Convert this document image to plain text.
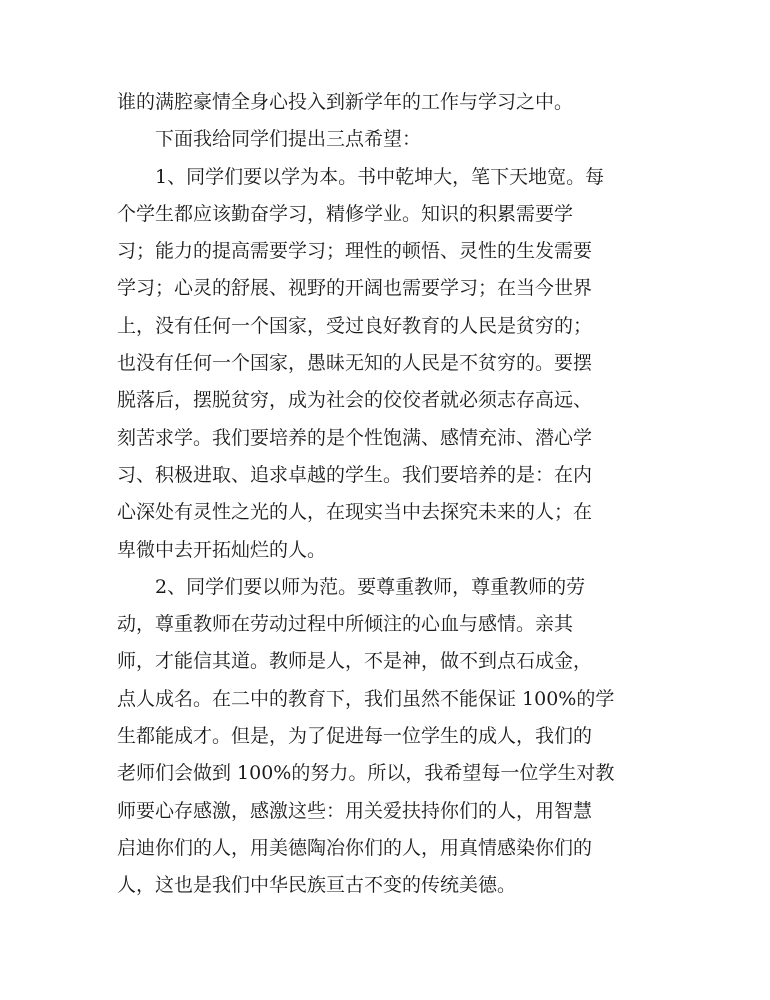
谁的满腔豪情全身心投入到新学年的工作与学习之中。
下面我给同学们提出三点希望：
1、同学们要以学为本。书中乾坤大，笔下天地宽。每
个学生都应该勤奋学习，精修学业。知识的积累需要学
习；能力的提高需要学习；理性的顿悟、灵性的生发需要
学习；心灵的舒展、视野的开阔也需要学习；在当今世界
上，没有任何一个国家，受过良好教育的人民是贫穷的；
也没有任何一个国家，愚昧无知的人民是不贫穷的。要摆
脱落后，摆脱贫穷，成为社会的佼佼者就必须志存高远、
刻苦求学。我们要培养的是个性饱满、感情充沛、潜心学
习、积极进取、追求卓越的学生。我们要培养的是：在内
心深处有灵性之光的人，在现实当中去探究未来的人；在
卑微中去开拓灿烂的人。
2、同学们要以师为范。要尊重教师，尊重教师的劳
动，尊重教师在劳动过程中所倾注的心血与感情。亲其
师，才能信其道。教师是人，不是神，做不到点石成金，
点人成名。在二中的教育下，我们虽然不能保证 100%的学
生都能成才。但是，为了促进每一位学生的成人，我们的
老师们会做到 100%的努力。所以，我希望每一位学生对教
师要心存感激，感激这些：用关爱扶持你们的人，用智慧
启迪你们的人，用美德陶冶你们的人，用真情感染你们的
人，这也是我们中华民族亘古不变的传统美德。
